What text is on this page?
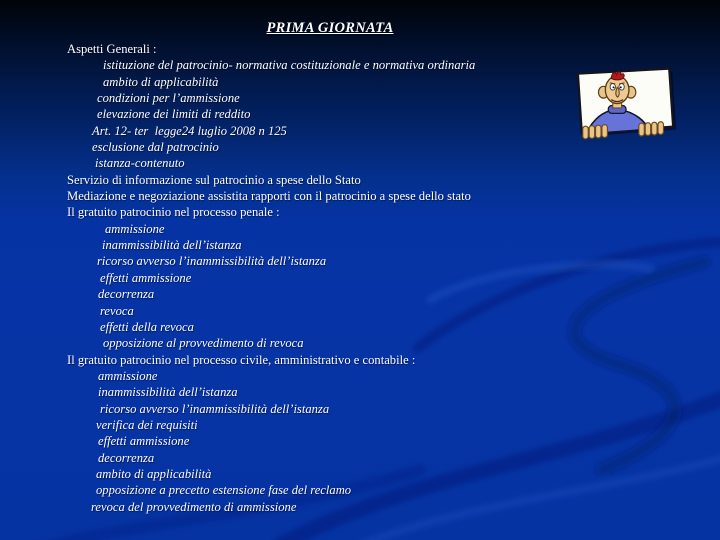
PRIMA GIORNATA
Aspetti Generali :
istituzione del patrocinio- normativa costituzionale e normativa ordinaria
ambito di applicabilità
condizioni per l’ammissione
elevazione dei limiti di reddito
Art. 12- ter  legge24 luglio 2008 n 125
esclusione dal patrocinio
istanza-contenuto
Servizio di informazione sul patrocinio a spese dello Stato
Mediazione e negoziazione assistita rapporti con il patrocinio a spese dello stato
Il gratuito patrocinio nel processo penale :
ammissione
inammissibilità dell’istanza
ricorso avverso l’inammissibilità dell’istanza
effetti ammissione
decorrenza
revoca
effetti della revoca
opposizione al provvedimento di revoca
Il gratuito patrocinio nel processo civile, amministrativo e contabile :
ammissione
inammissibilità dell’istanza
ricorso avverso l’inammissibilità dell’istanza
verifica dei requisiti
effetti ammissione
decorrenza
ambito di applicabilità
opposizione a precetto estensione fase del reclamo
revoca del provvedimento di ammissione
